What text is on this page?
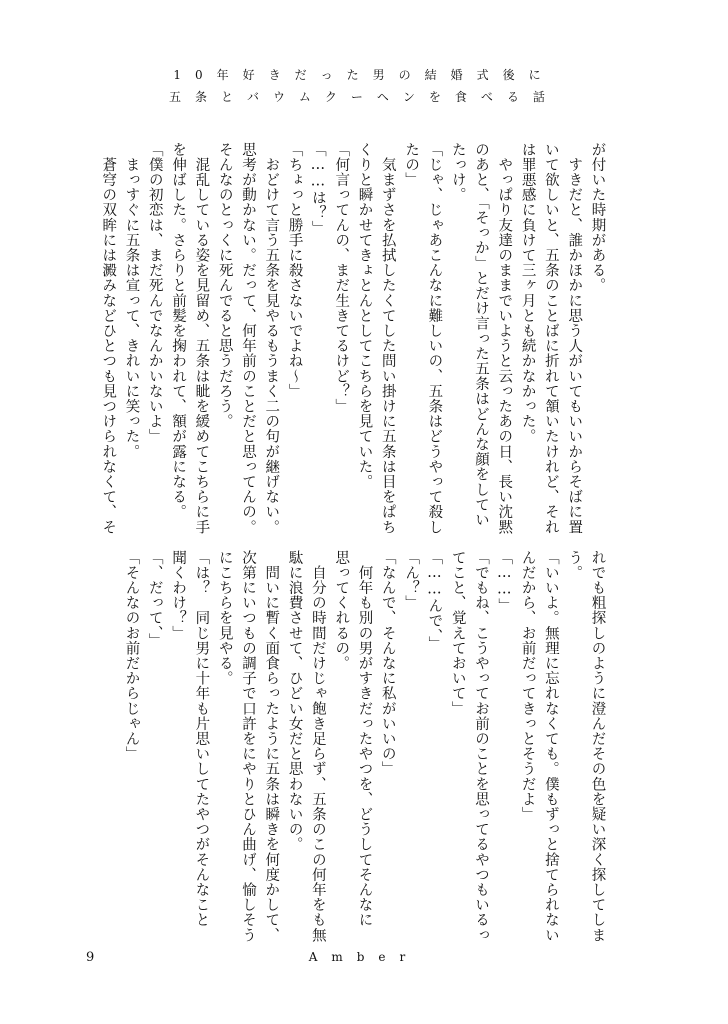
10年好きだった男の結婚式後に
五条とバウムクーヘンを食べる話
が付いた時期がある。
　すきだと、誰かほかに思う人がいてもいいからそばに置
いて欲しいと、五条のことばに折れて頷いたけれど、それ
は罪悪感に負けて三ヶ月とも続かなかった。
　やっぱり友達のままでいようと云ったあの日、長い沈黙
のあと、「そっか」とだけ言った五条はどんな顔をしてい
たっけ。
「じゃ、じゃあこんなに難しいの、五条はどうやって殺し
たの」
　気まずさを払拭したくてした問い掛けに五条は目をぱち
くりと瞬かせてきょとんとしてこちらを見ていた。
「何言ってんの、まだ生きてるけど？」
「……は？」
「ちょっと勝手に殺さないでよね～」
　おどけて言う五条を見やるもうまく二の句が継げない。
思考が動かない。だって、何年前のことだと思ってんの。
そんなのとっくに死んでると思うだろう。
　混乱している姿を見留め、五条は眦を緩めてこちらに手
を伸ばした。さらりと前髪を掬われて、額が露になる。
「僕の初恋は、まだ死んでなんかいないよ」
　まっすぐに五条は宣って、きれいに笑った。
　蒼穹の双眸には澱みなどひとつも見つけられなくて、そ
れでも粗探しのように澄んだその色を疑い深く探してしま
う。
「いいよ。無理に忘れなくても。僕もずっと捨てられない
んだから、お前だってきっとそうだよ」
「……」
「でもね、こうやってお前のことを思ってるやつもいるっ
てこと、覚えておいて」
「……んで、」
「ん？」
「なんで、そんなに私がいいの」
　何年も別の男がすきだったやつを、どうしてそんなに
思ってくれるの。
　自分の時間だけじゃ飽き足らず、五条のこの何年をも無
駄に浪費させて、ひどい女だと思わないの。
　問いに暫く面食らったように五条は瞬きを何度かして、
次第にいつもの調子で口許をにやりとひん曲げ、愉しそう
にこちらを見やる。
「は？　同じ男に十年も片思いしてたやつがそんなこと
聞くわけ？」
「、だって、」
「そんなのお前だからじゃん」
9	Amber
